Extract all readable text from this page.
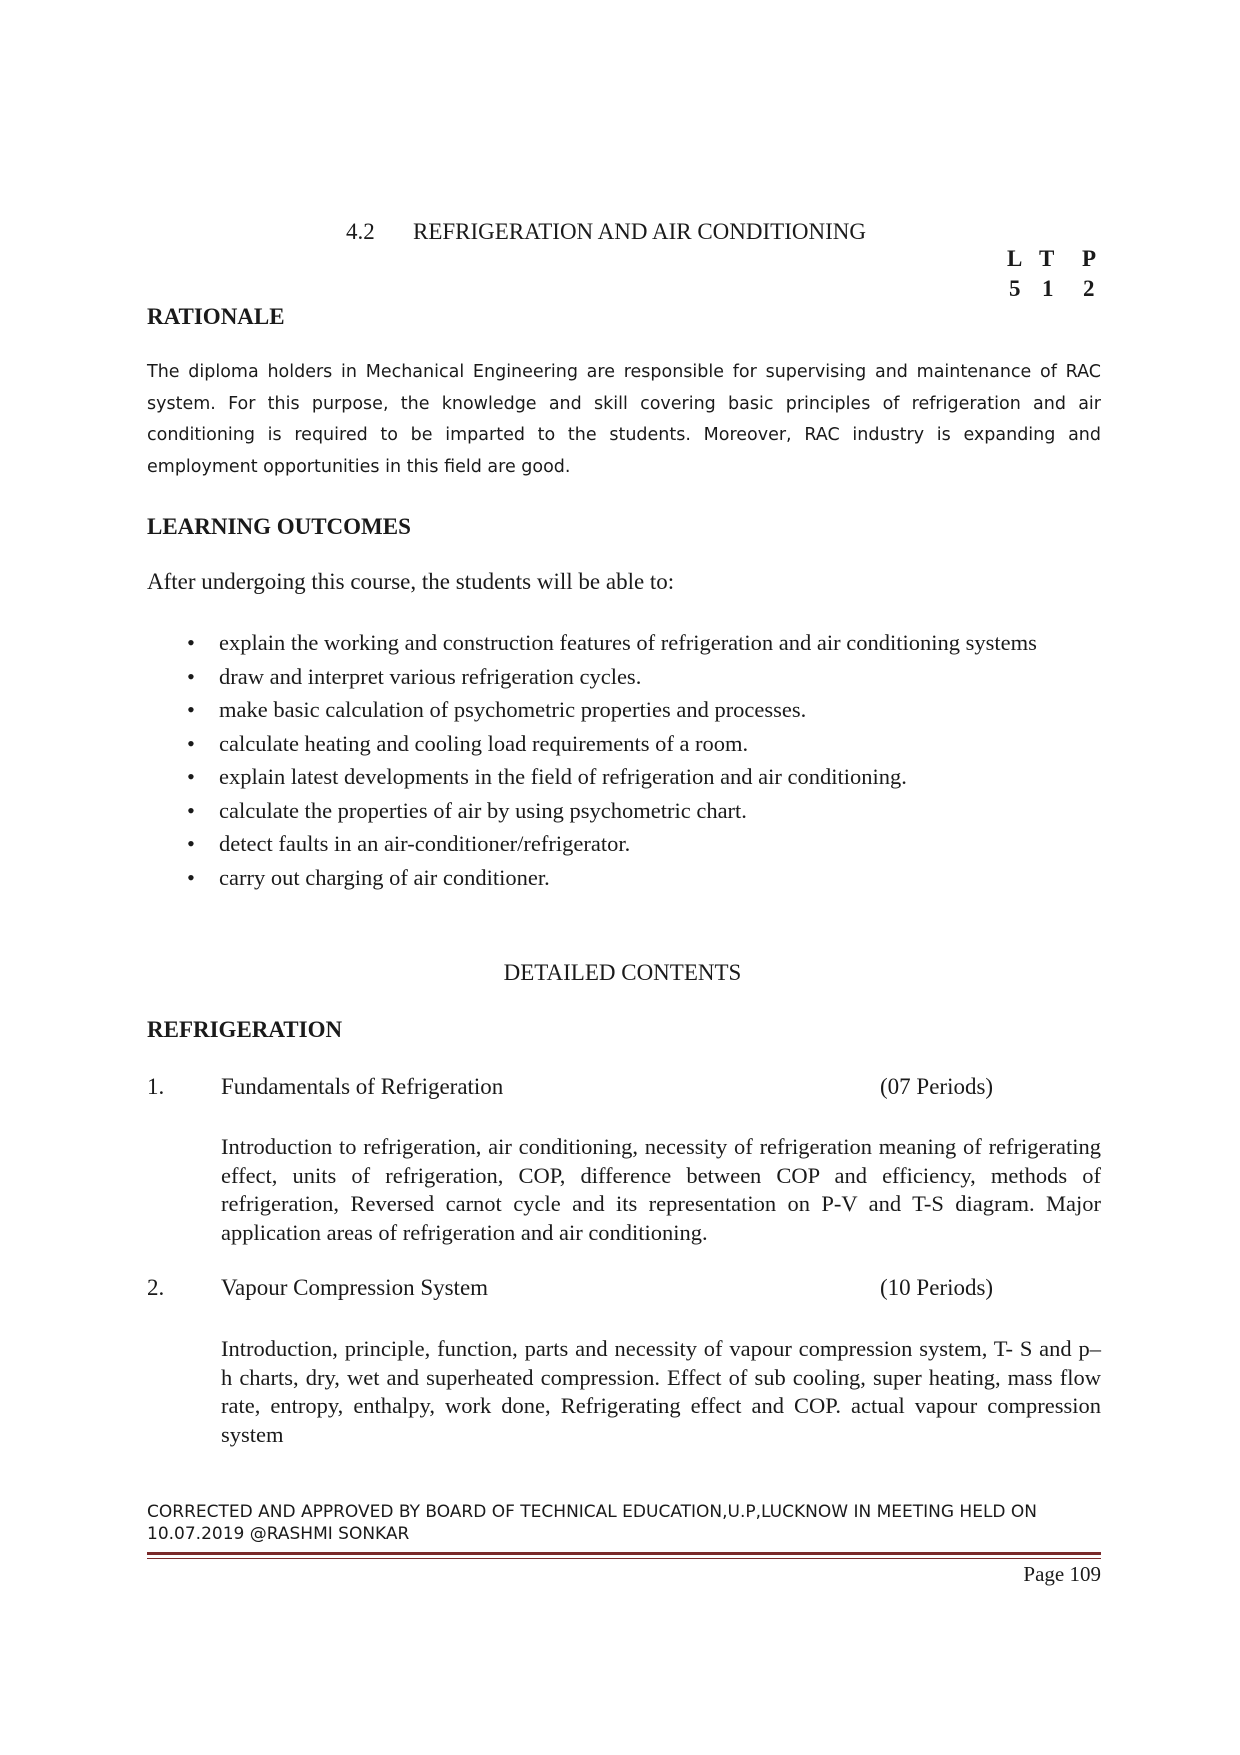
4.2 REFRIGERATION AND AIR CONDITIONING
L T P
5 1 2
RATIONALE
The diploma holders in Mechanical Engineering are responsible for supervising and maintenance of RAC system. For this purpose, the knowledge and skill covering basic principles of refrigeration and air conditioning is required to be imparted to the students. Moreover, RAC industry is expanding and employment opportunities in this field are good.
LEARNING OUTCOMES
After undergoing this course, the students will be able to:
• explain the working and construction features of refrigeration and air conditioning systems
• draw and interpret various refrigeration cycles.
• make basic calculation of psychometric properties and processes.
• calculate heating and cooling load requirements of a room.
• explain latest developments in the field of refrigeration and air conditioning.
• calculate the properties of air by using psychometric chart.
• detect faults in an air-conditioner/refrigerator.
• carry out charging of air conditioner.
DETAILED CONTENTS
REFRIGERATION
1. Fundamentals of Refrigeration	(07 Periods)
Introduction to refrigeration, air conditioning, necessity of refrigeration meaning of refrigerating effect, units of refrigeration, COP, difference between COP and efficiency, methods of refrigeration, Reversed carnot cycle and its representation on P-V and T-S diagram. Major application areas of refrigeration and air conditioning.
2. Vapour Compression System	(10 Periods)
Introduction, principle, function, parts and necessity of vapour compression system, T- S and p– h charts, dry, wet and superheated compression. Effect of sub cooling, super heating, mass flow rate, entropy, enthalpy, work done, Refrigerating effect and COP. actual vapour compression system
CORRECTED AND APPROVED BY BOARD OF TECHNICAL EDUCATION,U.P,LUCKNOW IN MEETING HELD ON
10.07.2019 @RASHMI SONKAR
Page 109
